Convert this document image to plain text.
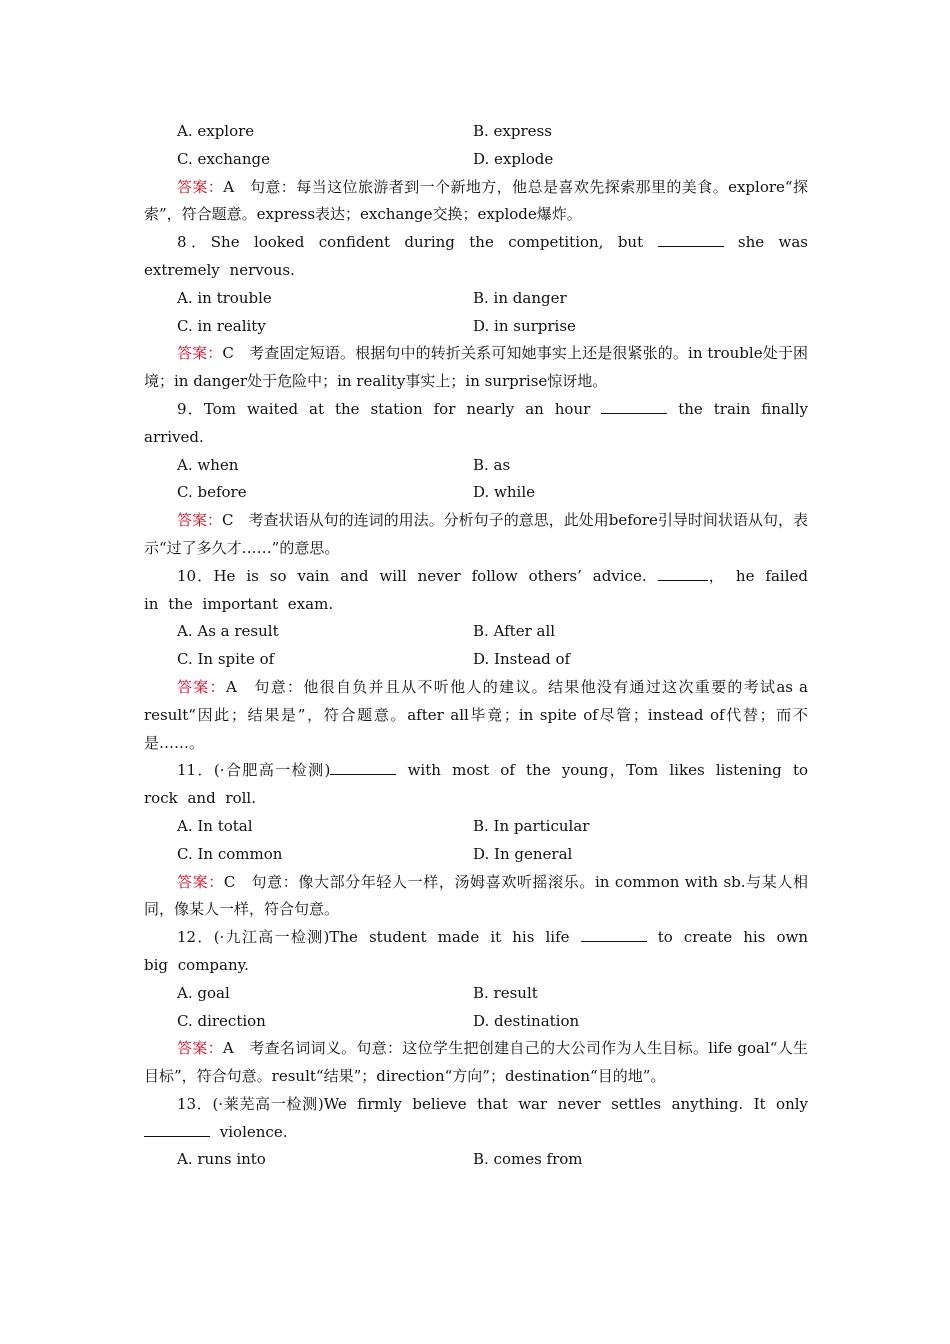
A. explore	B. express
C. exchange	D. explode
答案：A　句意：每当这位旅游者到一个新地方，他总是喜欢先探索那里的美食。explore“探索”，符合题意。express表达；exchange交换；explode爆炸。
8．She looked confident during the competition, but	she was extremely nervous.
A. in trouble	B. in danger
C. in reality	D. in surprise
答案：C　考查固定短语。根据句中的转折关系可知她事实上还是很紧张的。in trouble处于困境；in danger处于危险中；in reality事实上；in surprise惊讶地。
9．Tom waited at the station for nearly an hour	the train finally arrived.
A. when	B. as
C. before	D. while
答案：C　考查状语从句的连词的用法。分析句子的意思，此处用before引导时间状语从句，表示“过了多久才……”的意思。
10．He is so vain and will never follow others’ advice.	， he failed in the important exam.
A. As a result	B. After all
C. In spite of	D. Instead of
答案：A　句意：他很自负并且从不听他人的建议。结果他没有通过这次重要的考试as a result“因此；结果是”，符合题意。after all毕竟；in spite of尽管；instead of代替；而不是……。
11．(·合肥高一检测)	with most of the young，Tom likes listening to rock and roll.
A. In total	B. In particular
C. In common	D. In general
答案：C　句意：像大部分年轻人一样，汤姆喜欢听摇滚乐。in common with sb.与某人相同，像某人一样，符合句意。
12．(·九江高一检测)The student made it his life	to create his own big company.
A. goal	B. result
C. direction	D. destination
答案：A　考查名词词义。句意：这位学生把创建自己的大公司作为人生目标。life goal“人生目标”，符合句意。result“结果”；direction“方向”；destination“目的地”。
13．(·莱芜高一检测)We firmly believe that war never settles anything. It only  violence.
A. runs into	B. comes from
